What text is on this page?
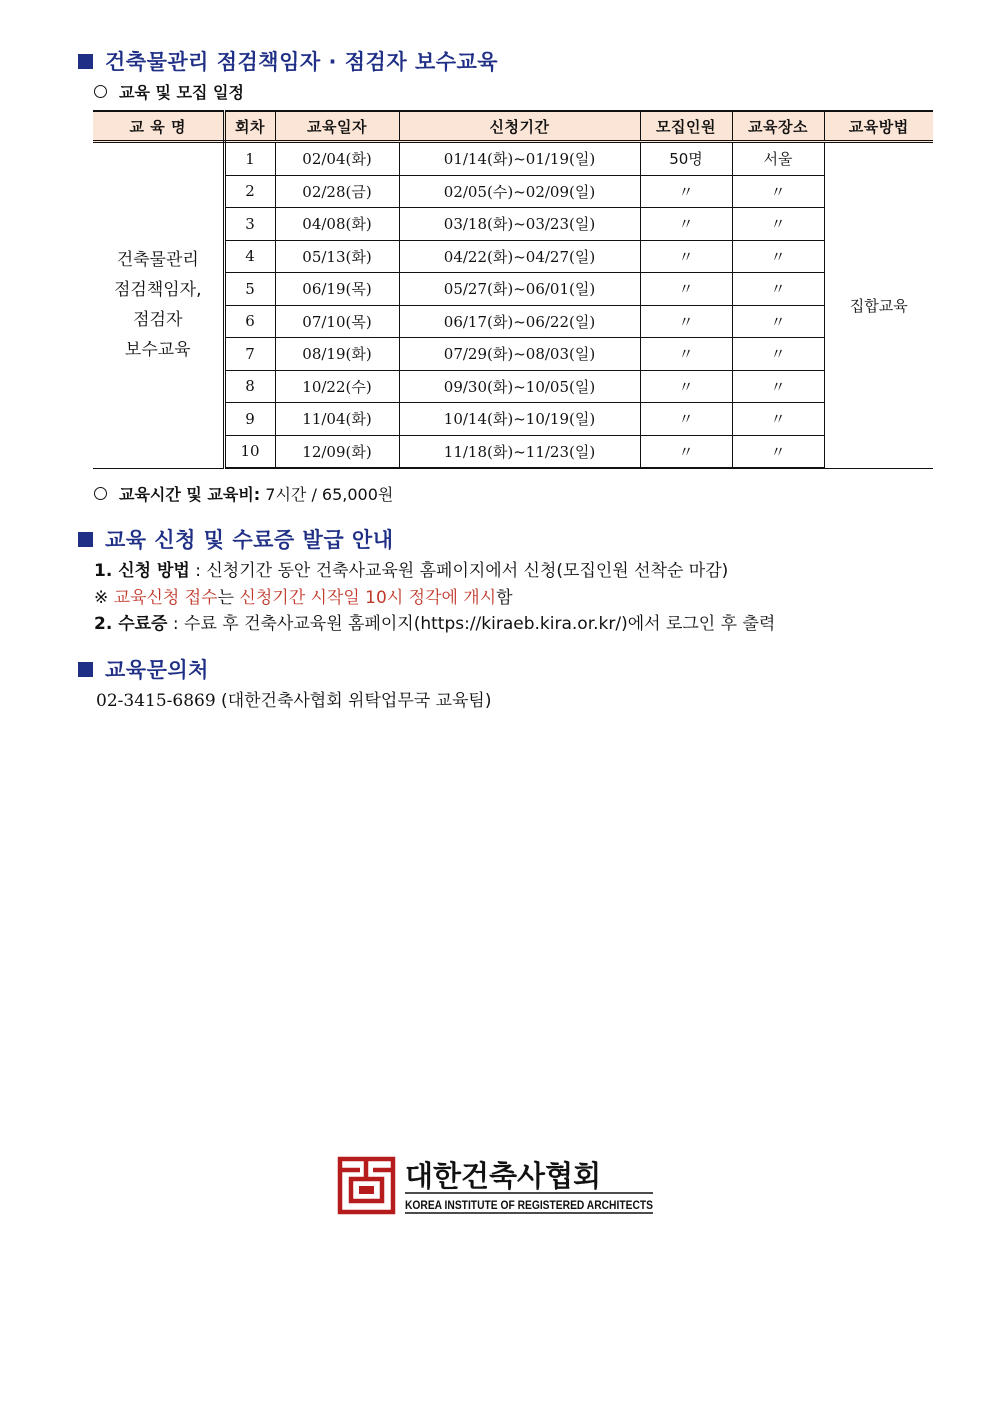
건축물관리 점검책임자 · 점검자 보수교육
교육 및 모집 일정
교 육 명	회차	교육일자	신청기간	모집인원	교육장소	교육방법

건축물관리
점검책임자,
점검자
보수교육	1	02/04(화)	01/14(화)~01/19(일)	50명	서울	집합교육
	2	02/28(금)	02/05(수)~02/09(일)	〃	〃	
	3	04/08(화)	03/18(화)~03/23(일)	〃	〃	
	4	05/13(화)	04/22(화)~04/27(일)	〃	〃	
	5	06/19(목)	05/27(화)~06/01(일)	〃	〃	
	6	07/10(목)	06/17(화)~06/22(일)	〃	〃	
	7	08/19(화)	07/29(화)~08/03(일)	〃	〃	
	8	10/22(수)	09/30(화)~10/05(일)	〃	〃	
	9	11/04(화)	10/14(화)~10/19(일)	〃	〃	
	10	12/09(화)	11/18(화)~11/23(일)	〃	〃	
교육시간 및 교육비:
7시간 / 65,000원
교육 신청 및 수료증 발급 안내
1. 신청 방법 : 신청기간 동안 건축사교육원 홈페이지에서 신청(모집인원 선착순 마감)
※ 교육신청 접수는 신청기간 시작일 10시 정각에 개시함
2. 수료증 : 수료 후 건축사교육원 홈페이지(https://kiraeb.kira.or.kr/)에서 로그인 후 출력
교육문의처
02-3415-6869 (대한건축사협회 위탁업무국 교육팀)
대한건축사협회
KOREA INSTITUTE OF REGISTERED ARCHITECTS
